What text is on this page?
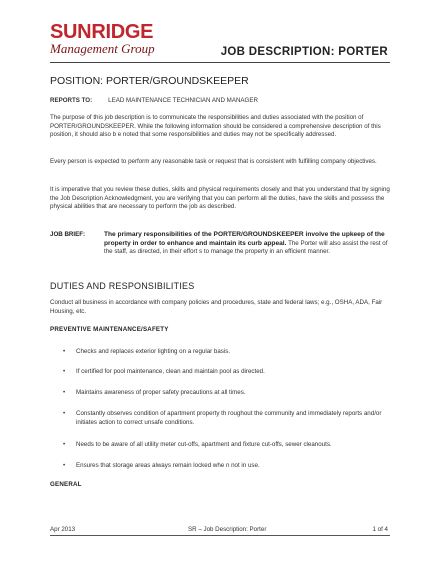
SUNRIDGE
Management Group	JOB DESCRIPTION: PORTER
POSITION: PORTER/GROUNDSKEEPER
REPORTS TO:	LEAD MAINTENANCE TECHNICIAN AND MANAGER
The purpose of this job description is to communicate the responsibilities and duties associated with the position of PORTER/GROUNDSKEEPER. While the following information should be considered a comprehensive description of this position, it should also b e noted that some responsibilities and duties may not be specifically addressed.
Every person is expected to perform any reasonable task or request that is consistent with fulfilling company objectives.
It is imperative that you review these duties, skills and physical requirements closely and that you understand that by signing the Job Description Acknowledgment, you are verifying that you can perform all the duties, have the skills and possess the physical abilities that are necessary to perform the job as described.
JOB BRIEF:	The primary responsibilities of the PORTER/GROUNDSKEEPER involve the upkeep of the property in order to enhance and maintain its curb appeal. The Porter will also assist the rest of the staff, as directed, in their effort s to manage the property in an efficient manner.
DUTIES AND RESPONSIBILITIES
Conduct all business in accordance with company policies and procedures, state and federal laws; e.g., OSHA, ADA, Fair Housing, etc.
PREVENTIVE MAINTENANCE/SAFETY
• Checks and replaces exterior lighting on a regular basis.
• If certified for pool maintenance, clean and maintain pool as directed.
• Maintains awareness of proper safety precautions at all times.
• Constantly observes condition of apartment property th roughout the community and immediately reports and/or initiates action to correct unsafe conditions.
• Needs to be aware of all utility meter cut-offs, apartment and fixture cut-offs, sewer cleanouts.
• Ensures that storage areas always remain locked whe n not in use.
GENERAL
Apr 2013	SR – Job Description: Porter	1 of 4
